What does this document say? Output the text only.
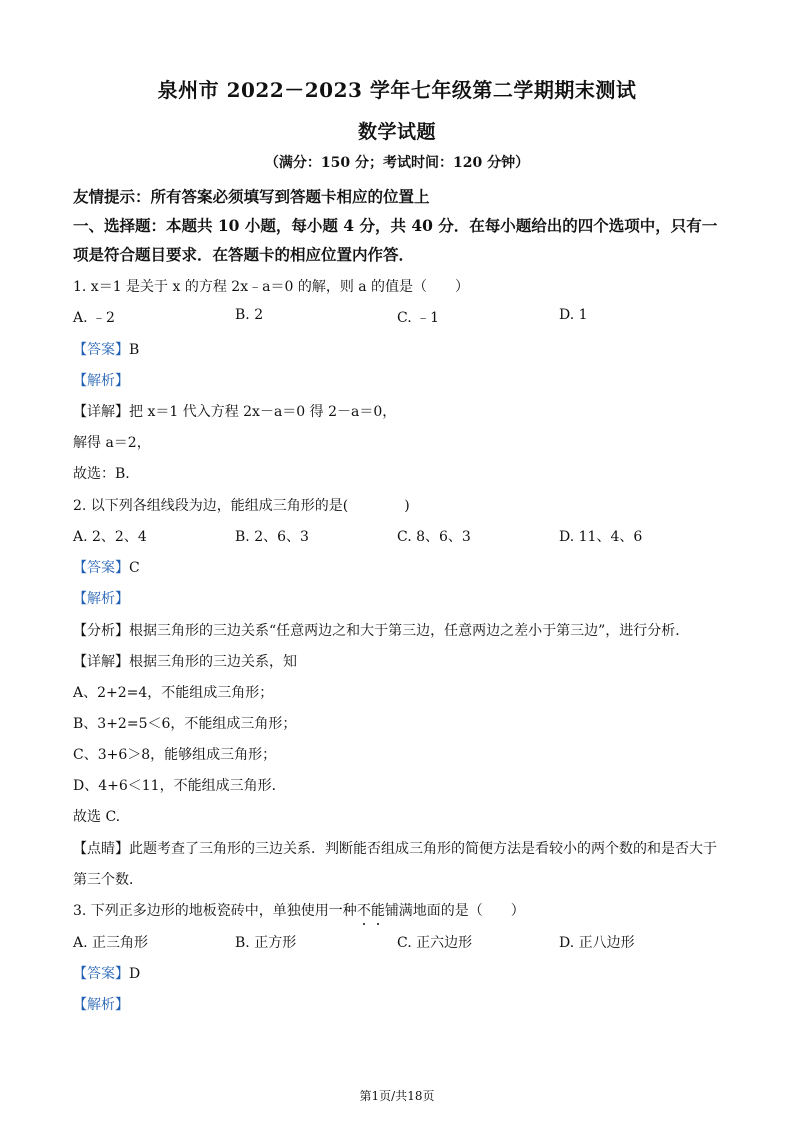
泉州市 2022－2023 学年七年级第二学期期末测试
数学试题
（满分：150 分；考试时间：120 分钟）
友情提示：所有答案必须填写到答题卡相应的位置上
一、选择题：本题共 10 小题，每小题 4 分，共 40 分．在每小题给出的四个选项中，只有一
项是符合题目要求．在答题卡的相应位置内作答．
1. x＝1 是关于 x 的方程 2x﹣a＝0 的解，则 a 的值是（　　）
A. ﹣2	B. 2	C. ﹣1	D. 1
【答案】B
【解析】
【详解】把 x＝1 代入方程 2x－a＝0 得 2－a＝0，
解得 a＝2，
故选：B.
2. 以下列各组线段为边，能组成三角形的是(　　　　)
A. 2、2、4	B. 2、6、3	C. 8、6、3	D. 11、4、6
【答案】C
【解析】
【分析】根据三角形的三边关系“任意两边之和大于第三边，任意两边之差小于第三边”，进行分析．
【详解】根据三角形的三边关系，知
A、2+2=4，不能组成三角形；
B、3+2=5＜6，不能组成三角形；
C、3+6＞8，能够组成三角形；
D、4+6＜11，不能组成三角形．
故选 C.
【点睛】此题考查了三角形的三边关系．判断能否组成三角形的简便方法是看较小的两个数的和是否大于
第三个数．
3. 下列正多边形的地板瓷砖中，单独使用一种不能铺满地面的是（　　）
A. 正三角形	B. 正方形	C. 正六边形	D. 正八边形
【答案】D
【解析】
第1页/共18页
